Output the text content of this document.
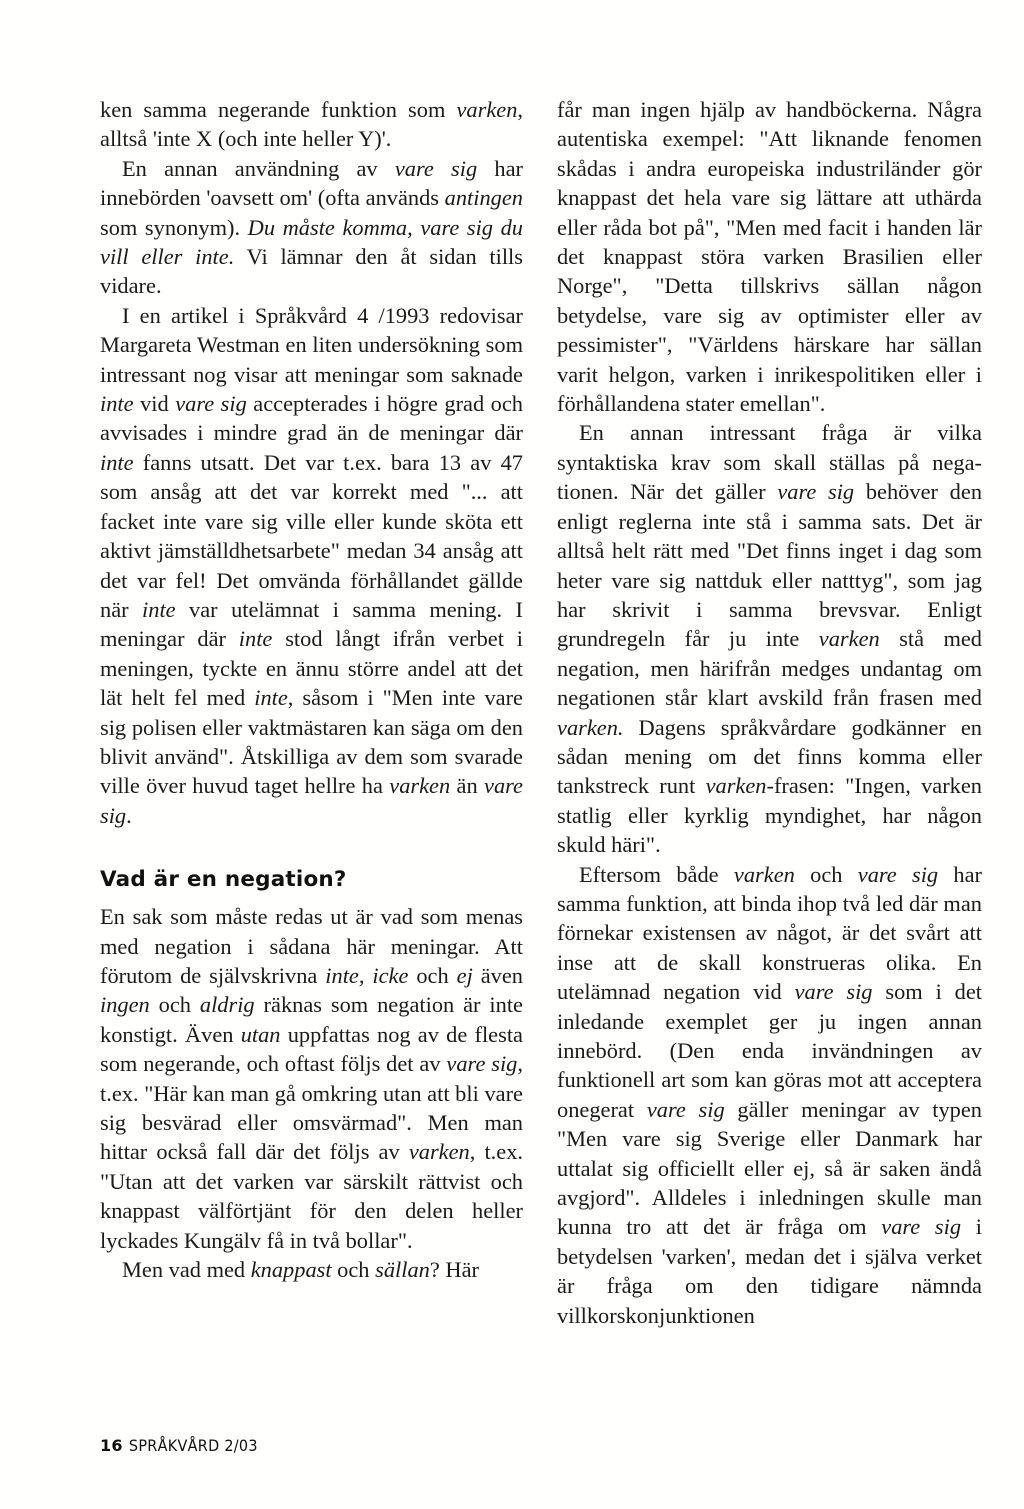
ken samma negerande funktion som varken, alltså 'inte X (och inte heller Y)'.

En annan användning av vare sig har innebörden 'oavsett om' (ofta används antingen som synonym). Du måste komma, vare sig du vill eller inte. Vi lämnar den åt sidan tills vidare.

I en artikel i Språkvård 4 /1993 redovisar Margareta Westman en liten undersökning som intressant nog visar att meningar som saknade inte vid vare sig accepterades i högre grad och avvisades i mindre grad än de meningar där inte fanns utsatt. Det var t.ex. bara 13 av 47 som ansåg att det var korrekt med "... att facket inte vare sig ville eller kunde sköta ett aktivt jämställdhetsarbete" medan 34 ansåg att det var fel! Det omvända förhållandet gällde när inte var utelämnat i samma mening. I meningar där inte stod långt ifrån verbet i meningen, tyckte en ännu större andel att det lät helt fel med inte, såsom i "Men inte vare sig polisen eller vaktmästaren kan säga om den blivit använd". Åtskilliga av dem som svarade ville över huvud taget hellre ha varken än vare sig.

Vad är en negation?

En sak som måste redas ut är vad som menas med negation i sådana här meningar. Att förutom de självskrivna inte, icke och ej även ingen och aldrig räknas som negation är inte konstigt. Även utan uppfattas nog av de flesta som negerande, och oftast följs det av vare sig, t.ex. "Här kan man gå omkring utan att bli vare sig besvärad eller omsvärmad". Men man hittar också fall där det följs av varken, t.ex. "Utan att det varken var särskilt rättvist och knappast välförtjänt för den delen heller lyckades Kungälv få in två bollar".

Men vad med knappast och sällan? Här

får man ingen hjälp av handböckerna. Några autentiska exempel: "Att liknande fenomen skådas i andra europeiska industriländer gör knappast det hela vare sig lättare att uthärda eller råda bot på", "Men med facit i handen lär det knappast störa varken Brasilien eller Norge", "Detta tillskrivs sällan någon betydelse, vare sig av optimister eller av pessimister", "Världens härskare har sällan varit helgon, varken i inrikespolitiken eller i förhållandena stater emellan".

En annan intressant fråga är vilka syntaktiska krav som skall ställas på negationen. När det gäller vare sig behöver den enligt reglerna inte stå i samma sats. Det är alltså helt rätt med "Det finns inget i dag som heter vare sig nattduk eller natttyg", som jag har skrivit i samma brevsvar. Enligt grundregeln får ju inte varken stå med negation, men härifrån medges undantag om negationen står klart avskild från frasen med varken. Dagens språkvårdare godkänner en sådan mening om det finns komma eller tankstreck runt varken-frasen: "Ingen, varken statlig eller kyrklig myndighet, har någon skuld häri".

Eftersom både varken och vare sig har samma funktion, att binda ihop två led där man förnekar existensen av något, är det svårt att inse att de skall konstrueras olika. En utelämnad negation vid vare sig som i det inledande exemplet ger ju ingen annan innebörd. (Den enda invändningen av funktionell art som kan göras mot att acceptera onegerat vare sig gäller meningar av typen "Men vare sig Sverige eller Danmark har uttalat sig officiellt eller ej, så är saken ändå avgjord". Alldeles i inledningen skulle man kunna tro att det är fråga om vare sig i betydelsen 'varken', medan det i själva verket är fråga om den tidigare nämnda villkorskonjunktionen

16 SPRÅKVÅRD 2/03
